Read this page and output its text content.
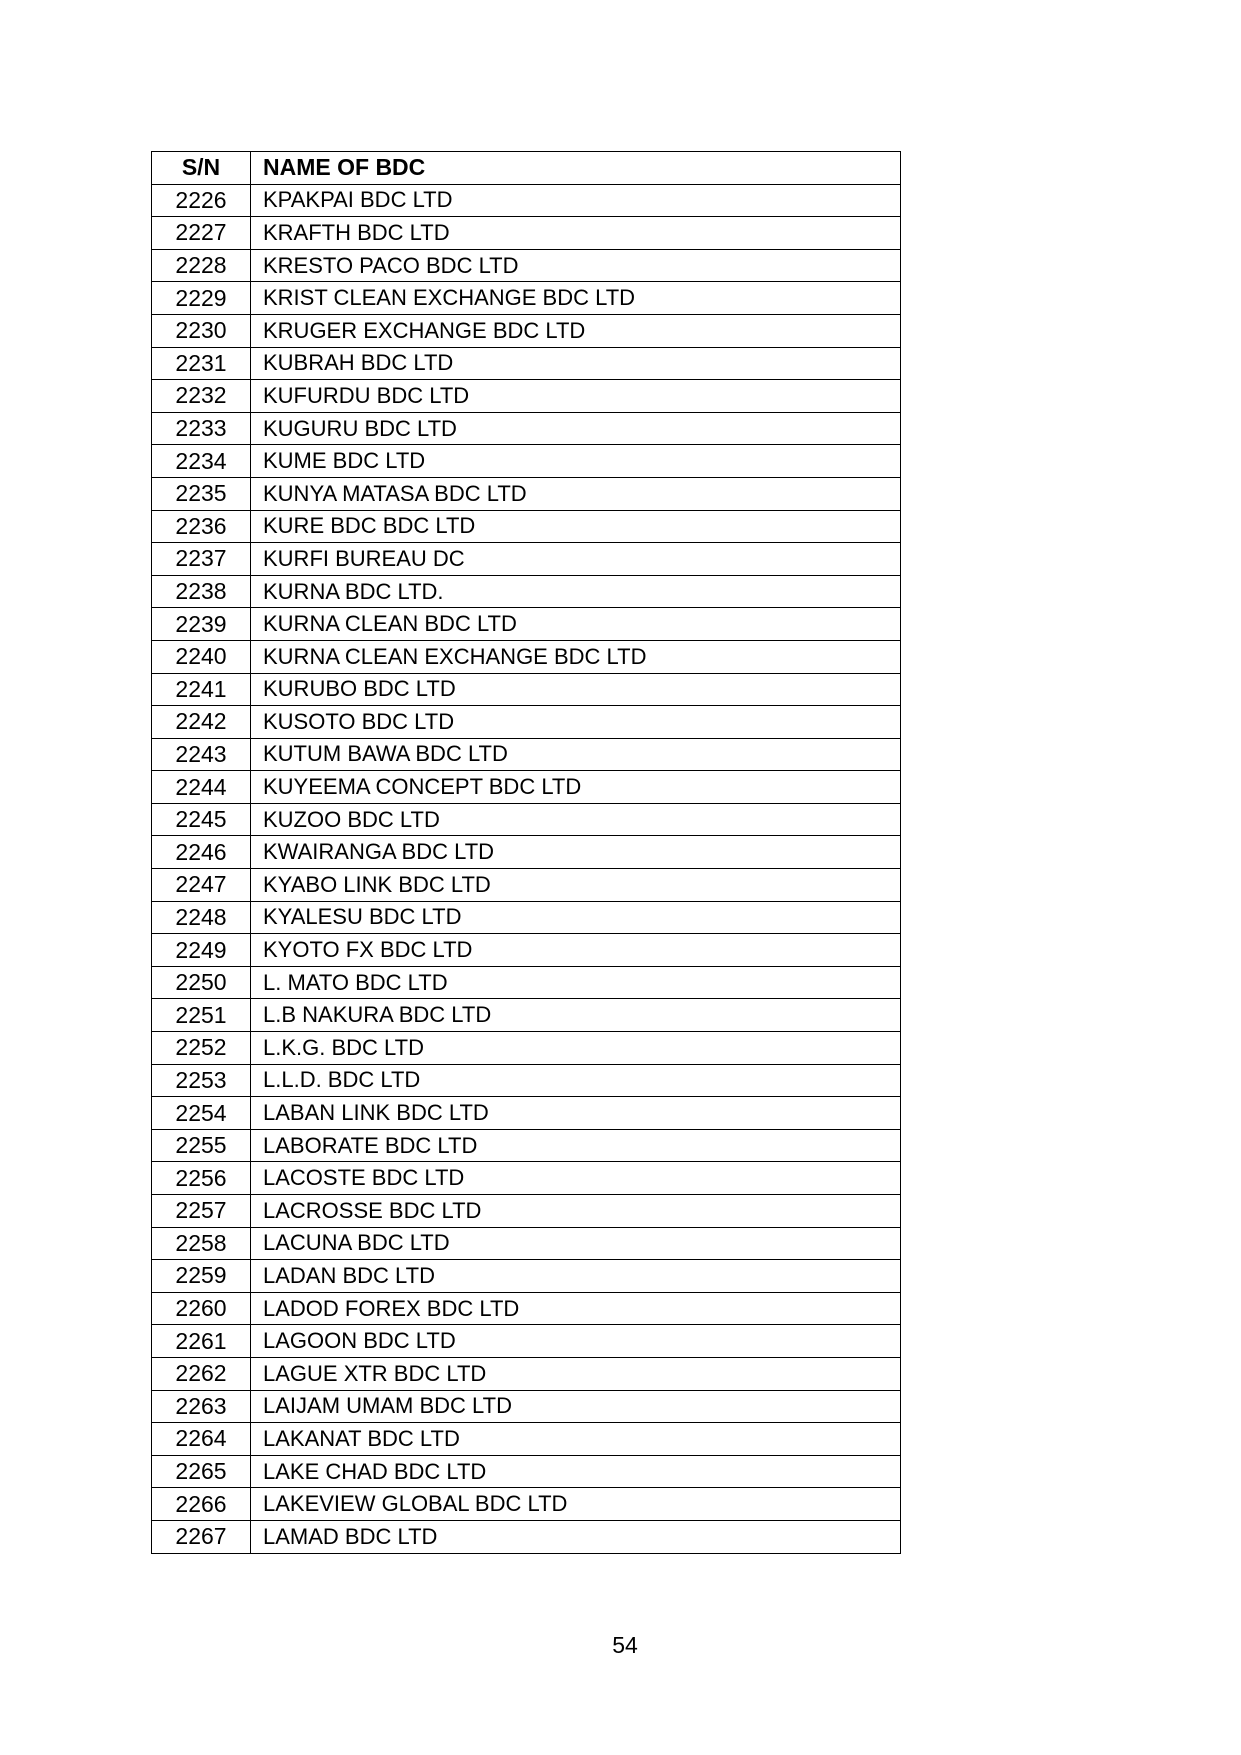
S/N	NAME OF BDC
2226	KPAKPAI BDC LTD
2227	KRAFTH BDC LTD
2228	KRESTO PACO BDC LTD
2229	KRIST CLEAN EXCHANGE BDC LTD
2230	KRUGER EXCHANGE BDC LTD
2231	KUBRAH BDC LTD
2232	KUFURDU BDC LTD
2233	KUGURU BDC LTD
2234	KUME BDC LTD
2235	KUNYA MATASA BDC LTD
2236	KURE BDC BDC LTD
2237	KURFI BUREAU DC
2238	KURNA BDC LTD.
2239	KURNA CLEAN BDC LTD
2240	KURNA CLEAN EXCHANGE BDC LTD
2241	KURUBO BDC LTD
2242	KUSOTO BDC LTD
2243	KUTUM BAWA BDC LTD
2244	KUYEEMA CONCEPT BDC LTD
2245	KUZOO BDC LTD
2246	KWAIRANGA BDC LTD
2247	KYABO LINK BDC LTD
2248	KYALESU BDC LTD
2249	KYOTO FX BDC LTD
2250	L. MATO BDC LTD
2251	L.B NAKURA BDC LTD
2252	L.K.G. BDC LTD
2253	L.L.D. BDC LTD
2254	LABAN LINK BDC LTD
2255	LABORATE BDC LTD
2256	LACOSTE BDC LTD
2257	LACROSSE BDC LTD
2258	LACUNA BDC LTD
2259	LADAN BDC LTD
2260	LADOD FOREX BDC LTD
2261	LAGOON BDC LTD
2262	LAGUE XTR BDC LTD
2263	LAIJAM UMAM BDC LTD
2264	LAKANAT BDC LTD
2265	LAKE CHAD BDC LTD
2266	LAKEVIEW GLOBAL BDC LTD
2267	LAMAD BDC LTD
54
